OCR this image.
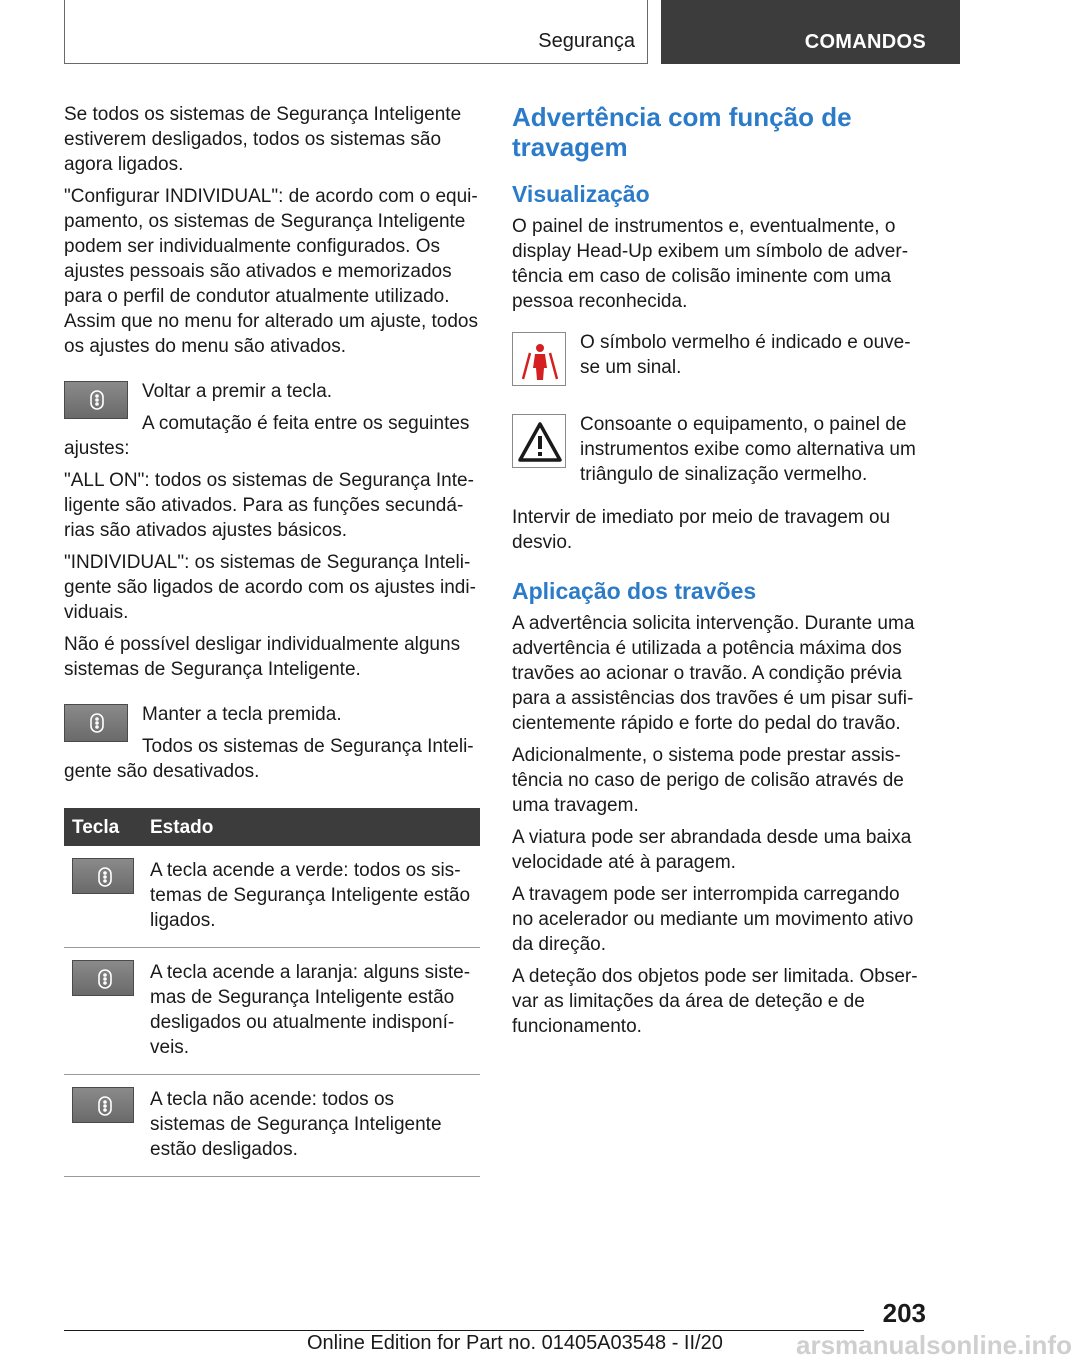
Segurança	COMANDOS

Se todos os sistemas de Segurança Inteligente estiverem desligados, todos os sistemas são agora ligados.

"Configurar INDIVIDUAL": de acordo com o equipamento, os sistemas de Segurança Inteligente podem ser individualmente configurados. Os ajustes pessoais são ativados e memorizados para o perfil de condutor atualmente utilizado. Assim que no menu for alterado um ajuste, todos os ajustes do menu são ativados.

Voltar a premir a tecla.

A comutação é feita entre os seguintes ajustes:

"ALL ON": todos os sistemas de Segurança Inteligente são ativados. Para as funções secundárias são ativados ajustes básicos.

"INDIVIDUAL": os sistemas de Segurança Inteligente são ligados de acordo com os ajustes individuais.

Não é possível desligar individualmente alguns sistemas de Segurança Inteligente.

Manter a tecla premida.

Todos os sistemas de Segurança Inteligente são desativados.

Tecla	Estado

	A tecla acende a verde: todos os sistemas de Segurança Inteligente estão ligados.

	A tecla acende a laranja: alguns sistemas de Segurança Inteligente estão desligados ou atualmente indisponíveis.

	A tecla não acende: todos os sistemas de Segurança Inteligente estão desligados.
Advertência com função de travagem
Visualização

O painel de instrumentos e, eventualmente, o display Head-Up exibem um símbolo de advertência em caso de colisão iminente com uma pessoa reconhecida.

O símbolo vermelho é indicado e ouve-se um sinal.

Consoante o equipamento, o painel de instrumentos exibe como alternativa um triângulo de sinalização vermelho.

Intervir de imediato por meio de travagem ou desvio.

Aplicação dos travões

A advertência solicita intervenção. Durante uma advertência é utilizada a potência máxima dos travões ao acionar o travão. A condição prévia para a assistências dos travões é um pisar suficientemente rápido e forte do pedal do travão.

Adicionalmente, o sistema pode prestar assistência no caso de perigo de colisão através de uma travagem.

A viatura pode ser abrandada desde uma baixa velocidade até à paragem.

A travagem pode ser interrompida carregando no acelerador ou mediante um movimento ativo da direção.

A deteção dos objetos pode ser limitada. Observar as limitações da área de deteção e de funcionamento.

203
Online Edition for Part no. 01405A03548 - II/20	arsmanualsonline.info
